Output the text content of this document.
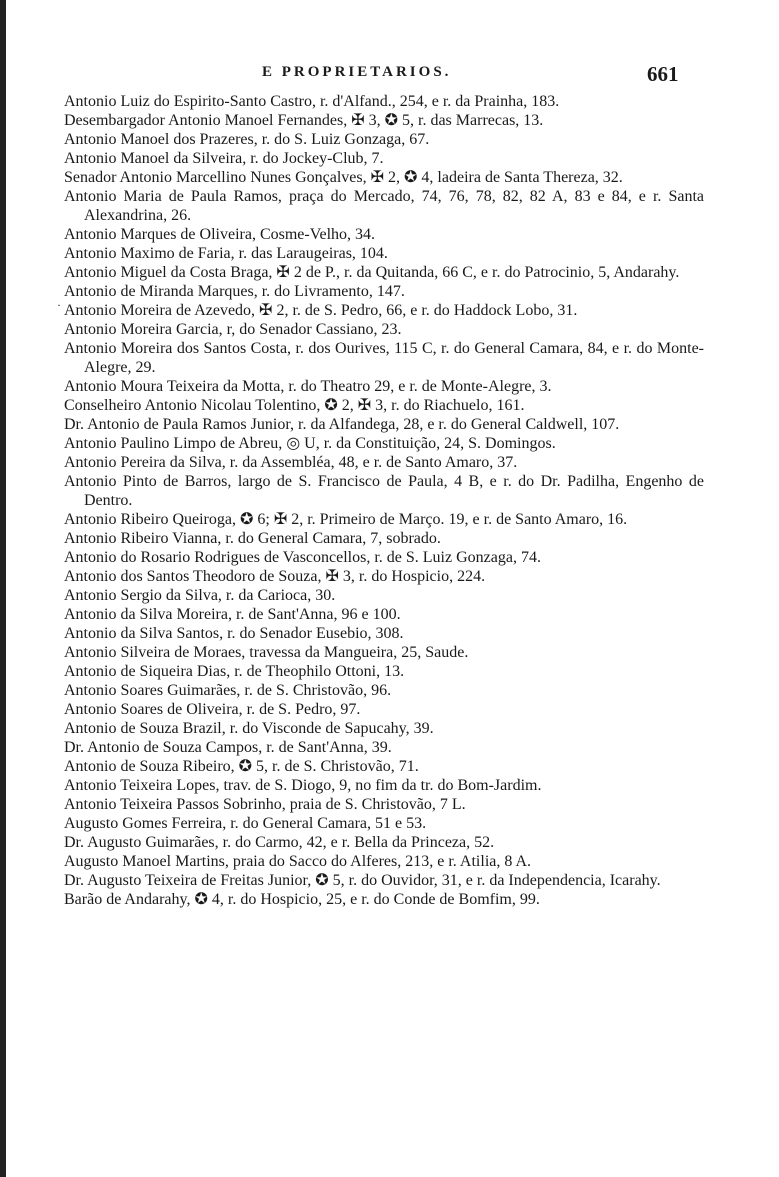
E PROPRIETARIOS.	661
·
Antonio Luiz do Espirito-Santo Castro, r. d'Alfand., 254, e r. da Prainha, 183.
Desembargador Antonio Manoel Fernandes, ✠ 3, ✪ 5, r. das Marrecas, 13.
Antonio Manoel dos Prazeres, r. do S. Luiz Gonzaga, 67.
Antonio Manoel da Silveira, r. do Jockey-Club, 7.
Senador Antonio Marcellino Nunes Gonçalves, ✠ 2, ✪ 4, ladeira de Santa Thereza, 32.
Antonio Maria de Paula Ramos, praça do Mercado, 74, 76, 78, 82, 82 A, 83 e 84, e r. Santa Alexandrina, 26.
Antonio Marques de Oliveira, Cosme-Velho, 34.
Antonio Maximo de Faria, r. das Laraugeiras, 104.
Antonio Miguel da Costa Braga, ✠ 2 de P., r. da Quitanda, 66 C, e r. do Patrocinio, 5, Andarahy.
Antonio de Miranda Marques, r. do Livramento, 147.
Antonio Moreira de Azevedo, ✠ 2, r. de S. Pedro, 66, e r. do Haddock Lobo, 31.
Antonio Moreira Garcia, r, do Senador Cassiano, 23.
Antonio Moreira dos Santos Costa, r. dos Ourives, 115 C, r. do General Camara, 84, e r. do Monte-Alegre, 29.
Antonio Moura Teixeira da Motta, r. do Theatro 29, e r. de Monte-Alegre, 3.
Conselheiro Antonio Nicolau Tolentino, ✪ 2, ✠ 3, r. do Riachuelo, 161.
Dr. Antonio de Paula Ramos Junior, r. da Alfandega, 28, e r. do General Caldwell, 107.
Antonio Paulino Limpo de Abreu, ◎ U, r. da Constituição, 24, S. Domingos.
Antonio Pereira da Silva, r. da Assembléa, 48, e r. de Santo Amaro, 37.
Antonio Pinto de Barros, largo de S. Francisco de Paula, 4 B, e r. do Dr. Padilha, Engenho de Dentro.
Antonio Ribeiro Queiroga, ✪ 6; ✠ 2, r. Primeiro de Março. 19, e r. de Santo Amaro, 16.
Antonio Ribeiro Vianna, r. do General Camara, 7, sobrado.
Antonio do Rosario Rodrigues de Vasconcellos, r. de S. Luiz Gonzaga, 74.
Antonio dos Santos Theodoro de Souza, ✠ 3, r. do Hospicio, 224.
Antonio Sergio da Silva, r. da Carioca, 30.
Antonio da Silva Moreira, r. de Sant'Anna, 96 e 100.
Antonio da Silva Santos, r. do Senador Eusebio, 308.
Antonio Silveira de Moraes, travessa da Mangueira, 25, Saude.
Antonio de Siqueira Dias, r. de Theophilo Ottoni, 13.
Antonio Soares Guimarães, r. de S. Christovão, 96.
Antonio Soares de Oliveira, r. de S. Pedro, 97.
Antonio de Souza Brazil, r. do Visconde de Sapucahy, 39.
Dr. Antonio de Souza Campos, r. de Sant'Anna, 39.
Antonio de Souza Ribeiro, ✪ 5, r. de S. Christovão, 71.
Antonio Teixeira Lopes, trav. de S. Diogo, 9, no fim da tr. do Bom-Jardim.
Antonio Teixeira Passos Sobrinho, praia de S. Christovão, 7 L.
Augusto Gomes Ferreira, r. do General Camara, 51 e 53.
Dr. Augusto Guimarães, r. do Carmo, 42, e r. Bella da Princeza, 52.
Augusto Manoel Martins, praia do Sacco do Alferes, 213, e r. Atilia, 8 A.
Dr. Augusto Teixeira de Freitas Junior, ✪ 5, r. do Ouvidor, 31, e r. da Independencia, Icarahy.
Barão de Andarahy, ✪ 4, r. do Hospicio, 25, e r. do Conde de Bomfim, 99.
